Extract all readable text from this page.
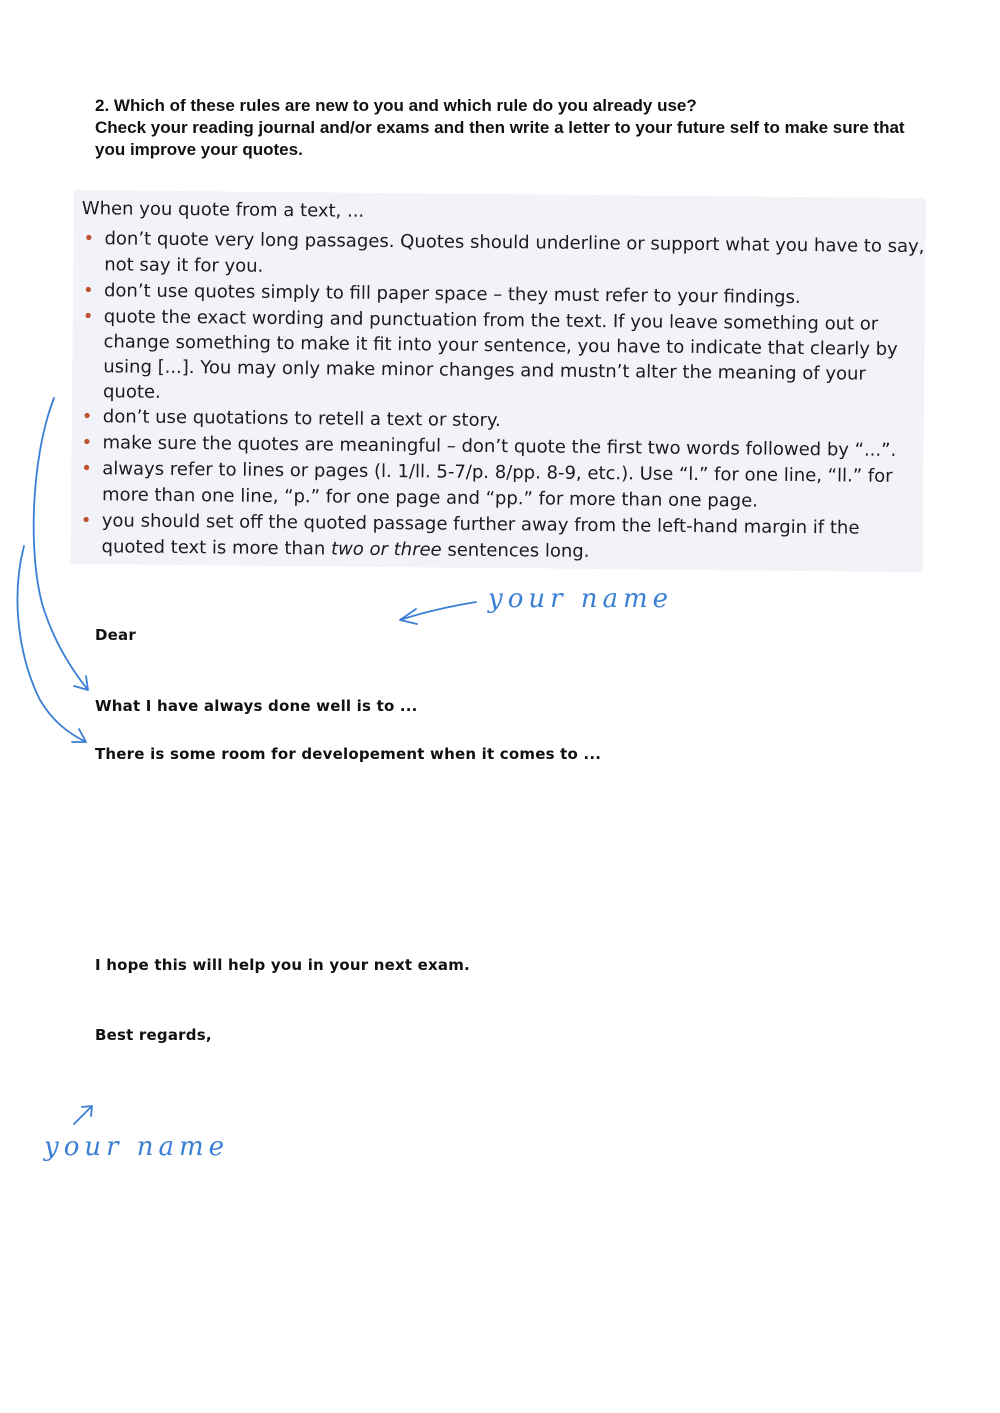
2. Which of these rules are new to you and which rule do you already use?

Check your reading journal and/or exams and then write a letter to your future self to make sure that you improve your quotes.

When you quote from a text, ...

• don’t quote very long passages. Quotes should underline or support what you have to say, not say it for you.
• don’t use quotes simply to fill paper space – they must refer to your findings.
• quote the exact wording and punctuation from the text. If you leave something out or change something to make it fit into your sentence, you have to indicate that clearly by using [...]. You may only make minor changes and mustn’t alter the meaning of your quote.
• don’t use quotations to retell a text or story.
• make sure the quotes are meaningful – don’t quote the first two words followed by “...”.
• always refer to lines or pages (l. 1/ll. 5-7/p. 8/pp. 8-9, etc.). Use “l.” for one line, “ll.” for more than one line, “p.” for one page and “pp.” for more than one page.
• you should set off the quoted passage further away from the left-hand margin if the quoted text is more than two or three sentences long.
Dear
What I have always done well is to ...
There is some room for developement when it comes to ...
I hope this will help you in your next exam.
Best regards,
your name
your name
